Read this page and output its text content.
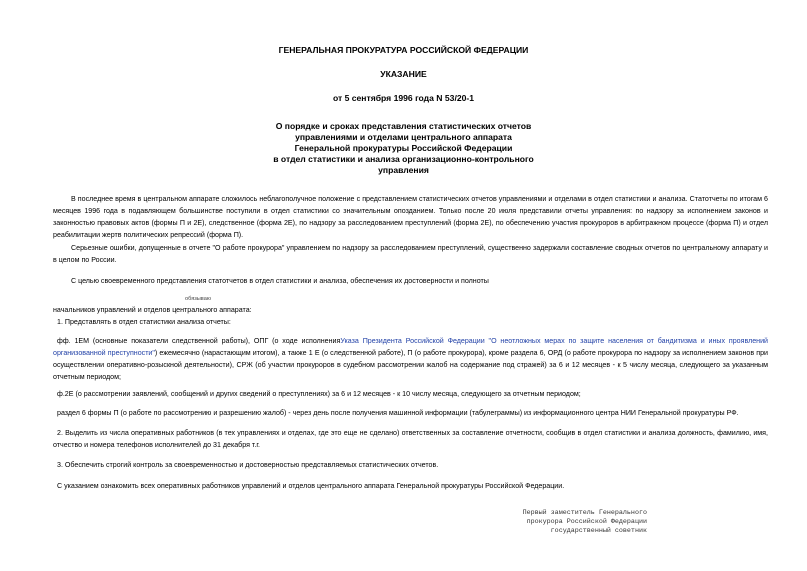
ГЕНЕРАЛЬНАЯ ПРОКУРАТУРА РОССИЙСКОЙ ФЕДЕРАЦИИ
УКАЗАНИЕ
от 5 сентября 1996 года N 53/20-1
О порядке и сроках представления статистических отчетов
управлениями и отделами центрального аппарата
Генеральной прокуратуры Российской Федерации
в отдел статистики и анализа организационно-контрольного
управления
В последнее время в центральном аппарате сложилось неблагополучное положение с представлением статистических отчетов управлениями и отделами в отдел статистики и анализа. Статотчеты по итогам 6 месяцев 1996 года в подавляющем большинстве поступили в отдел статистики со значительным опозданием. Только после 20 июля представили отчеты управления: по надзору за исполнением законов и законностью правовых актов (формы П и 2Е), следственное (форма 2Е), по надзору за расследованием преступлений (форма 2Е), по обеспечению участия прокуроров в арбитражном процессе (форма П) и отдел реабилитации жертв политических репрессий (форма П).
Серьезные ошибки, допущенные в отчете "О работе прокурора" управлением по надзору за расследованием преступлений, существенно задержали составление сводных отчетов по центральному аппарату и в целом по России.
С целью своевременного представления статотчетов в отдел статистики и анализа, обеспечения их достоверности и полноты
обязываю
начальников управлений и отделов центрального аппарата:
1. Представлять в отдел статистики анализа отчеты:
фф. 1ЕМ (основные показатели следственной работы), ОПГ (о ходе исполненияУказа Президента Российской Федерации "О неотложных мерах по защите населения от бандитизма и иных проявлений организованной преступности") ежемесячно (нарастающим итогом), а также 1 Е (о следственной работе), П (о работе прокурора), кроме раздела 6, ОРД (о работе прокурора по надзору за исполнением законов при осуществлении оперативно-розыскной деятельности), СРЖ (об участии прокуроров в судебном рассмотрении жалоб на содержание под стражей) за 6 и 12 месяцев - к 5 числу месяца, следующего за указанным отчетным периодом;
ф.2Е (о рассмотрении заявлений, сообщений и других сведений о преступлениях) за 6 и 12 месяцев - к 10 числу месяца, следующего за отчетным периодом;
раздел 6 формы П (о работе по рассмотрению и разрешению жалоб) - через день после получения машинной информации (табулеграммы) из информационного центра НИИ Генеральной прокуратуры РФ.
2. Выделить из числа оперативных работников (в тех управлениях и отделах, где это еще не сделано) ответственных за составление отчетности, сообщив в отдел статистики и анализа должность, фамилию, имя, отчество и номера телефонов исполнителей до 31 декабря т.г.
3. Обеспечить строгий контроль за своевременностью и достоверностью представляемых статистических отчетов.
С указанием ознакомить всех оперативных работников управлений и отделов центрального аппарата Генеральной прокуратуры Российской Федерации.
Первый заместитель Генерального
прокурора Российской Федерации
государственный советник
